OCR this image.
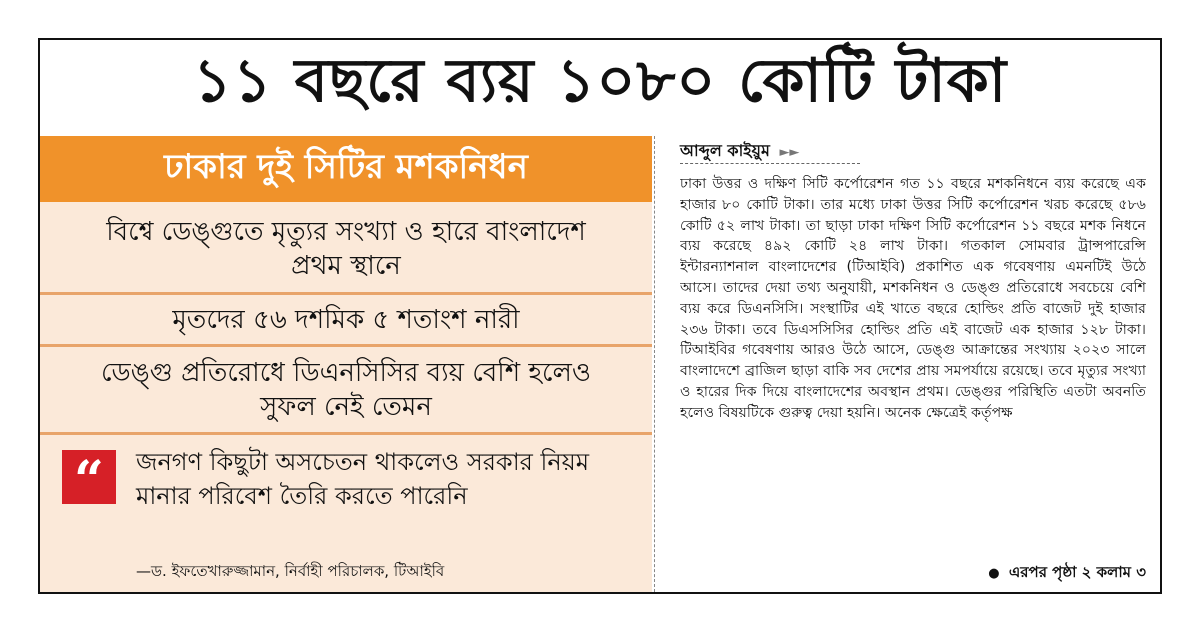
১১ বছরে ব্যয় ১০৮০ কোটি টাকা
ঢাকার দুই সিটির মশকনিধন
বিশ্বে ডেঙ্গুতে মৃত্যুর সংখ্যা ও হারে বাংলাদেশ প্রথম স্থানে
মৃতদের ৫৬ দশমিক ৫ শতাংশ নারী
ডেঙ্গু প্রতিরোধে ডিএনসিসির ব্যয় বেশি হলেও সুফল নেই তেমন
“	জনগণ কিছুটা অসচেতন থাকলেও সরকার নিয়ম মানার পরিবেশ তৈরি করতে পারেনি
—ড. ইফতেখারুজ্জামান, নির্বাহী পরিচালক, টিআইবি
আব্দুল কাইয়ুম ►►
ঢাকা উত্তর ও দক্ষিণ সিটি কর্পোরেশন গত ১১ বছরে মশকনিধনে ব্যয় করেছে এক হাজার ৮০ কোটি টাকা। তার মধ্যে ঢাকা উত্তর সিটি কর্পোরেশন খরচ করেছে ৫৮৬ কোটি ৫২ লাখ টাকা। তা ছাড়া ঢাকা দক্ষিণ সিটি কর্পোরেশন ১১ বছরে মশক নিধনে ব্যয় করেছে ৪৯২ কোটি ২৪ লাখ টাকা। গতকাল সোমবার ট্রান্সপারেন্সি ইন্টারন্যাশনাল বাংলাদেশের (টিআইবি) প্রকাশিত এক গবেষণায় এমনটিই উঠে আসে। তাদের দেয়া তথ্য অনুযায়ী, মশকনিধন ও ডেঙ্গু প্রতিরোধে সবচেয়ে বেশি ব্যয় করে ডিএনসিসি। সংস্থাটির এই খাতে বছরে হোল্ডিং প্রতি বাজেট দুই হাজার ২৩৬ টাকা। তবে ডিএসসিসির হোল্ডিং প্রতি এই বাজেট এক হাজার ১২৮ টাকা। টিআইবির গবেষণায় আরও উঠে আসে, ডেঙ্গু আক্রান্তের সংখ্যায় ২০২৩ সালে বাংলাদেশে ব্রাজিল ছাড়া বাকি সব দেশের প্রায় সমপর্যায়ে রয়েছে। তবে মৃত্যুর সংখ্যা ও হারের দিক দিয়ে বাংলাদেশের অবস্থান প্রথম। ডেঙ্গুর পরিস্থিতি এতটা অবনতি হলেও বিষয়টিকে গুরুত্ব দেয়া হয়নি। অনেক ক্ষেত্রেই কর্তৃপক্ষ
● এরপর পৃষ্ঠা ২ কলাম ৩
